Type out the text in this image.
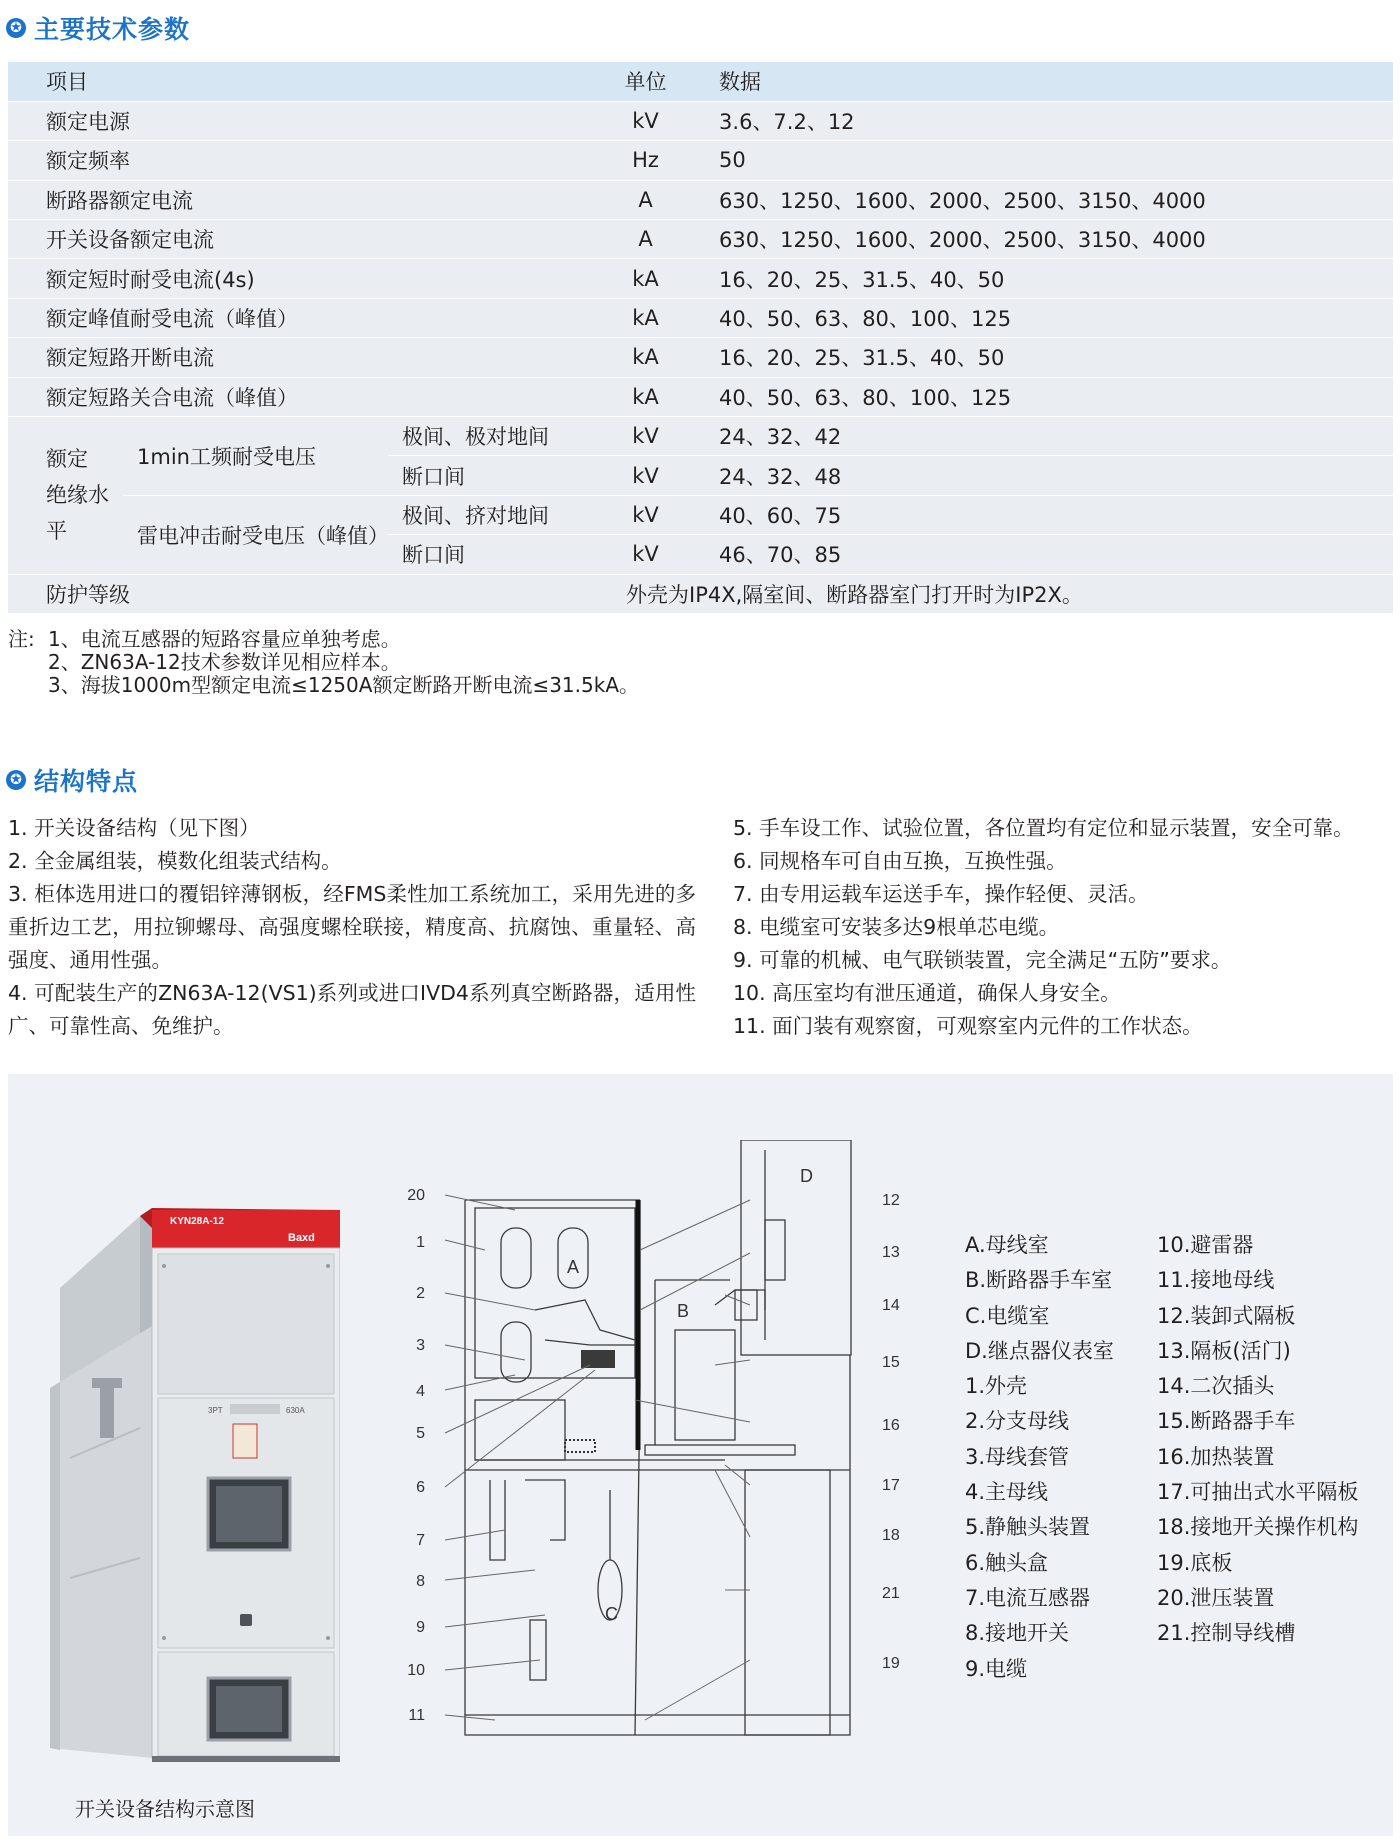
✪ 主要技术参数
项目			单位	数据
额定电源			kV	3.6、7.2、12
额定频率			Hz	50
断路器额定电流			A	630、1250、1600、2000、2500、3150、4000
开关设备额定电流			A	630、1250、1600、2000、2500、3150、4000
额定短时耐受电流(4s)			kA	16、20、25、31.5、40、50
额定峰值耐受电流（峰值）			kA	40、50、63、80、100、125
额定短路开断电流			kA	16、20、25、31.5、40、50
额定短路关合电流（峰值）			kA	40、50、63、80、100、125
额定
绝缘水平	1min工频耐受电压	极间、极对地间	kV	24、32、42
		断口间	kV	24、32、48
	雷电冲击耐受电压（峰值）	极间、挤对地间	kV	40、60、75
		断口间	kV	46、70、85
防护等级			外壳为IP4X,隔室间、断路器室门打开时为IP2X。	
注: 1、电流互感器的短路容量应单独考虑。
2、ZN63A-12技术参数详见相应样本。
3、海拔1000m型额定电流≤1250A额定断路开断电流≤31.5kA。
✪ 结构特点

1. 开关设备结构（见下图）

2. 全金属组装，模数化组装式结构。

3. 柜体选用进口的覆铝锌薄钢板，经FMS柔性加工系统加工，采用先进的多重折边工艺，用拉铆螺母、高强度螺栓联接，精度高、抗腐蚀、重量轻、高强度、通用性强。

4. 可配装生产的ZN63A-12(VS1)系列或进口IVD4系列真空断路器，适用性广、可靠性高、免维护。

5. 手车设工作、试验位置，各位置均有定位和显示装置，安全可靠。

6. 同规格车可自由互换，互换性强。

7. 由专用运载车运送手车，操作轻便、灵活。

8. 电缆室可安装多达9根单芯电缆。

9. 可靠的机械、电气联锁装置，完全满足“五防”要求。

10. 高压室均有泄压通道，确保人身安全。

11. 面门装有观察窗，可观察室内元件的工作状态。

KYN28A-12
Baxd
3PT	630A
开关设备结构示意图
A
B
C
D
20
1
2
3
4
5
6
7
8
9
10
11
12
13
14
15
16
17
18
21
19
A.母线室
B.断路器手车室
C.电缆室
D.继点器仪表室
1.外壳
2.分支母线
3.母线套管
4.主母线
5.静触头装置
6.触头盒
7.电流互感器
8.接地开关
9.电缆
10.避雷器
11.接地母线
12.装卸式隔板
13.隔板(活门)
14.二次插头
15.断路器手车
16.加热装置
17.可抽出式水平隔板
18.接地开关操作机构
19.底板
20.泄压装置
21.控制导线槽
